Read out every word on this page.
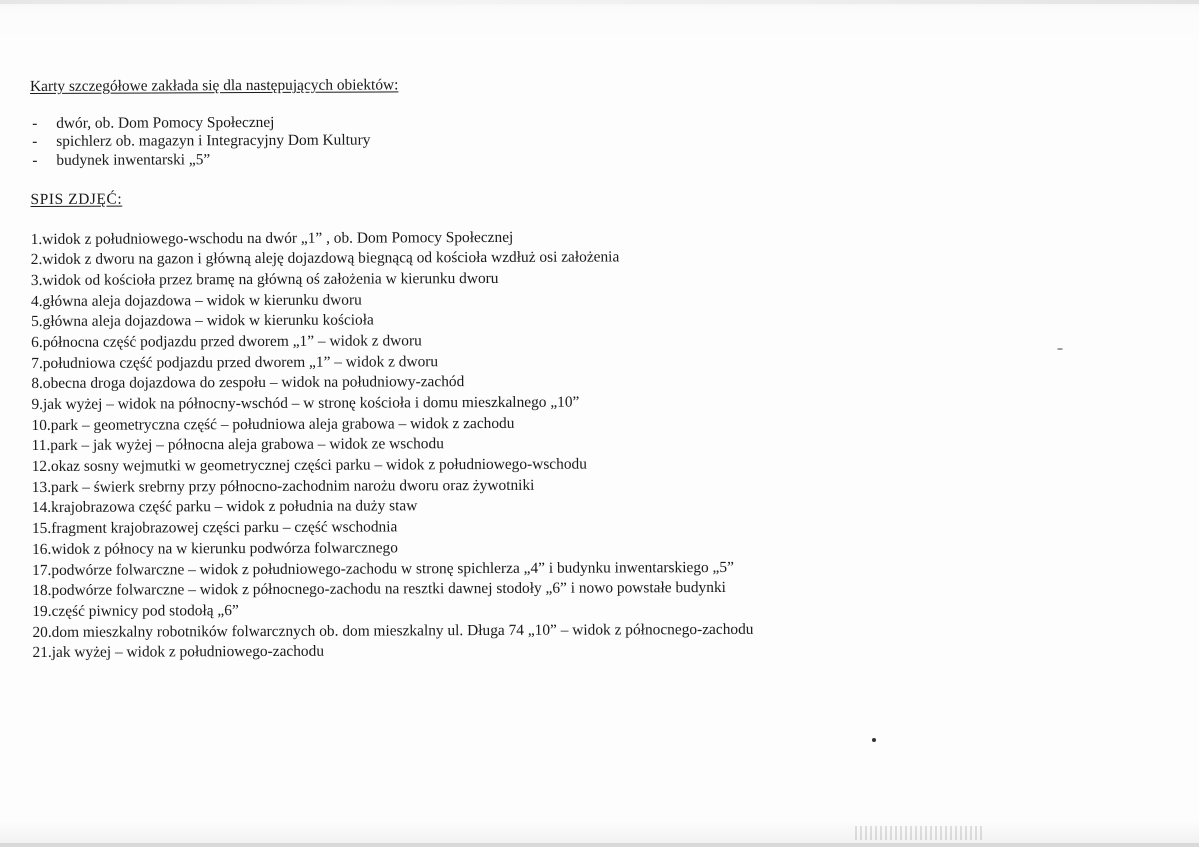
Karty szczegółowe zakłada się dla następujących obiektów:

- dwór, ob. Dom Pomocy Społecznej
- spichlerz ob. magazyn i Integracyjny Dom Kultury
- budynek inwentarski „5”

SPIS ZDJĘĆ:

1.widok z południowego-wschodu na dwór „1” , ob. Dom Pomocy Społecznej
2.widok z dworu na gazon i główną aleję dojazdową biegnącą od kościoła wzdłuż osi założenia
3.widok od kościoła przez bramę na główną oś założenia w kierunku dworu
4.główna aleja dojazdowa – widok w kierunku dworu
5.główna aleja dojazdowa – widok w kierunku kościoła
6.północna część podjazdu przed dworem „1” – widok z dworu
7.południowa część podjazdu przed dworem „1” – widok z dworu
8.obecna droga dojazdowa do zespołu – widok na południowy-zachód
9.jak wyżej – widok na północny-wschód – w stronę kościoła i domu mieszkalnego „10”
10.park – geometryczna część – południowa aleja grabowa – widok z zachodu
11.park – jak wyżej – północna aleja grabowa – widok ze wschodu
12.okaz sosny wejmutki w geometrycznej części parku – widok z południowego-wschodu
13.park – świerk srebrny przy północno-zachodnim narożu dworu oraz żywotniki
14.krajobrazowa część parku – widok z południa na duży staw
15.fragment krajobrazowej części parku – część wschodnia
16.widok z północy na w kierunku podwórza folwarcznego
17.podwórze folwarczne – widok z południowego-zachodu w stronę spichlerza „4” i budynku inwentarskiego „5”
18.podwórze folwarczne – widok z północnego-zachodu na resztki dawnej stodoły „6” i nowo powstałe budynki
19.część piwnicy pod stodołą „6”
20.dom mieszkalny robotników folwarcznych ob. dom mieszkalny ul. Długa 74 „10” – widok z północnego-zachodu
21.jak wyżej – widok z południowego-zachodu
